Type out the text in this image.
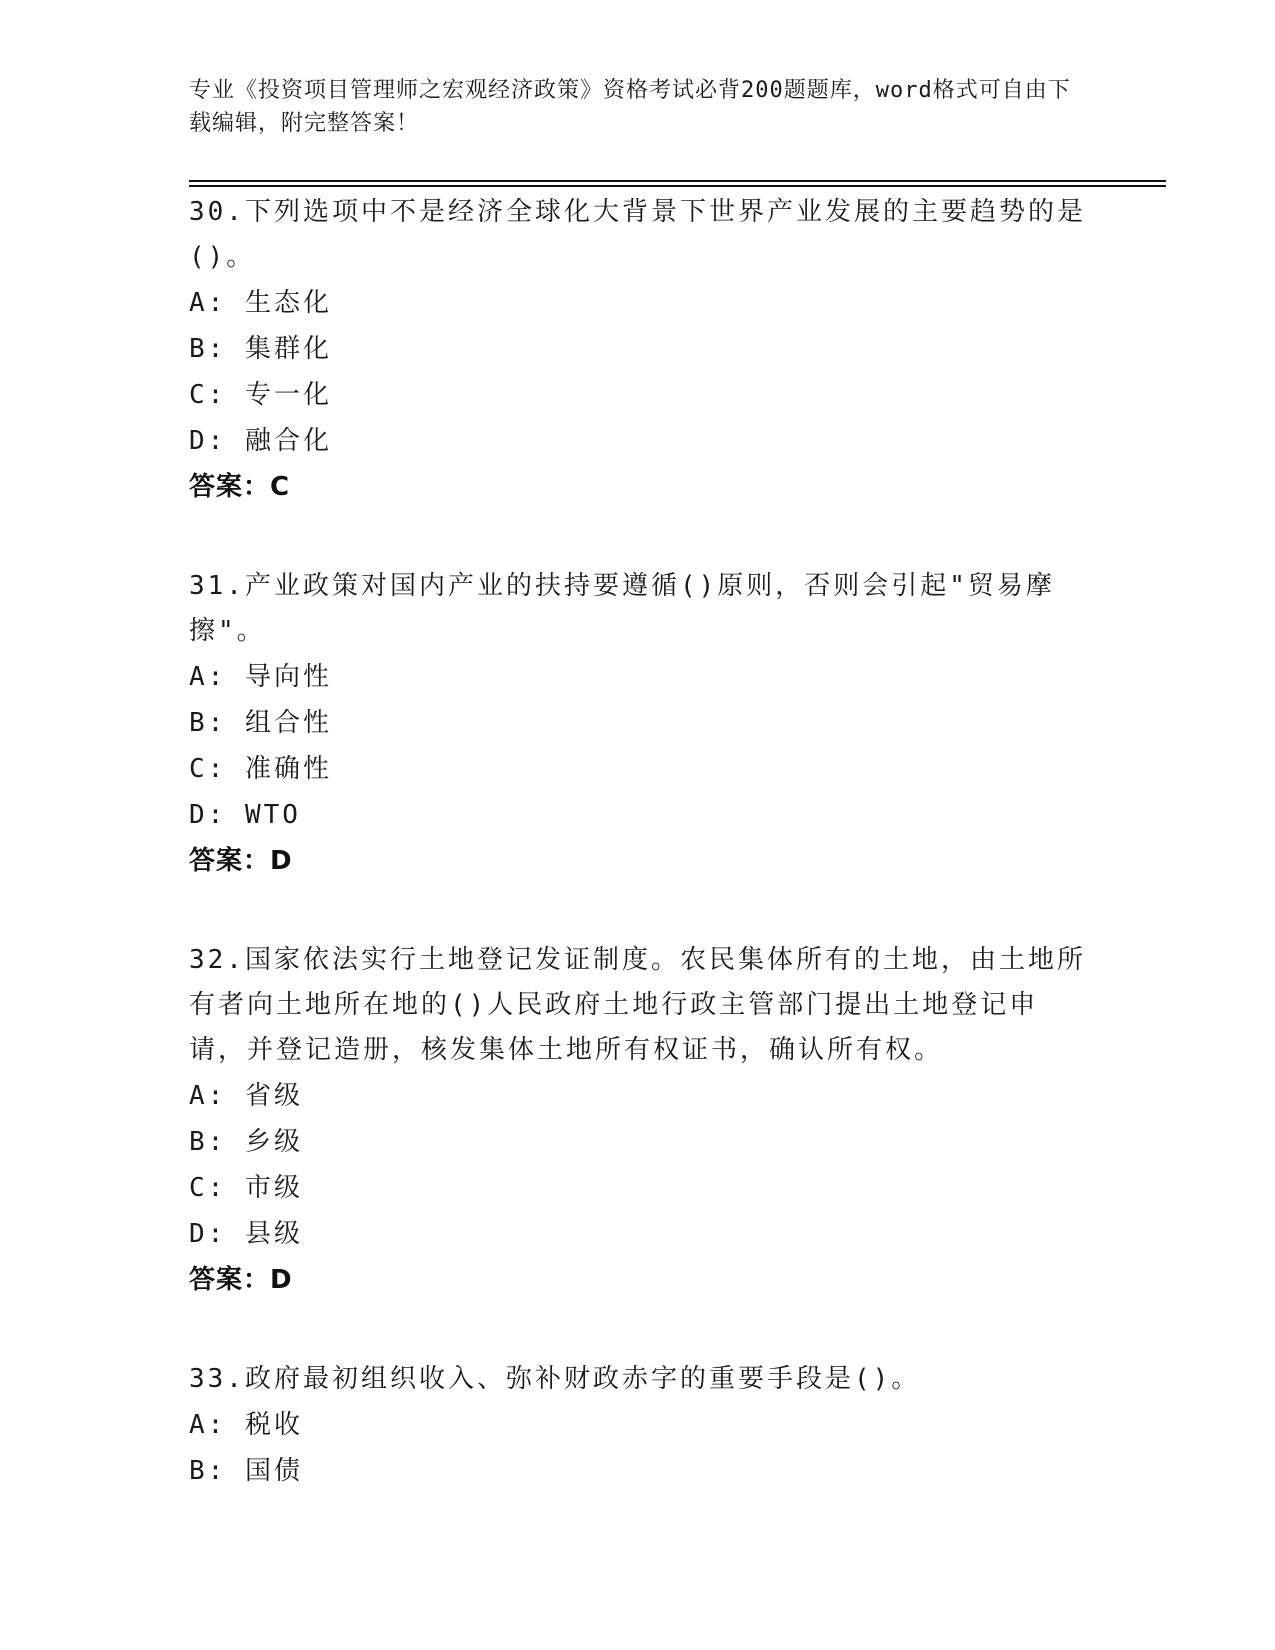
专业《投资项目管理师之宏观经济政策》资格考试必背200题题库，word格式可自由下载编辑，附完整答案！
30.下列选项中不是经济全球化大背景下世界产业发展的主要趋势的是()。
A: 生态化
B: 集群化
C: 专一化
D: 融合化
答案：C
31.产业政策对国内产业的扶持要遵循()原则，否则会引起"贸易摩擦"。
A: 导向性
B: 组合性
C: 准确性
D: WTO
答案：D
32.国家依法实行土地登记发证制度。农民集体所有的土地，由土地所有者向土地所在地的()人民政府土地行政主管部门提出土地登记申请，并登记造册，核发集体土地所有权证书，确认所有权。
A: 省级
B: 乡级
C: 市级
D: 县级
答案：D
33.政府最初组织收入、弥补财政赤字的重要手段是()。
A: 税收
B: 国债
